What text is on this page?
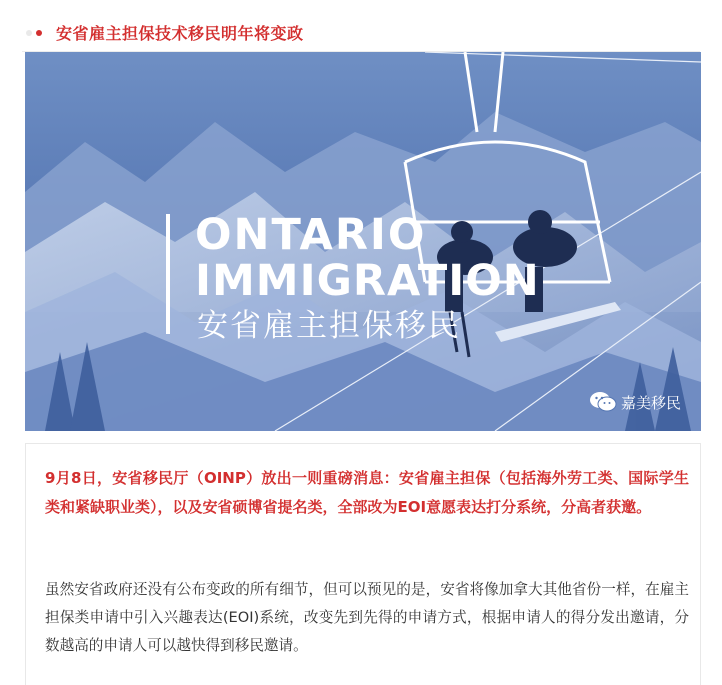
安省雇主担保技术移民明年将变政
ONTARIO
IMMIGRATION
安省雇主担保移民
嘉美移民
9月8日，安省移民厅（OINP）放出一则重磅消息：安省雇主担保（包括海外劳工类、国际学生类和紧缺职业类），以及安省硕博省提名类，全部改为EOI意愿表达打分系统，分高者获邀。
虽然安省政府还没有公布变政的所有细节，但可以预见的是，安省将像加拿大其他省份一样，在雇主担保类申请中引入兴趣表达(EOI)系统，改变先到先得的申请方式，根据申请人的得分发出邀请，分数越高的申请人可以越快得到移民邀请。
